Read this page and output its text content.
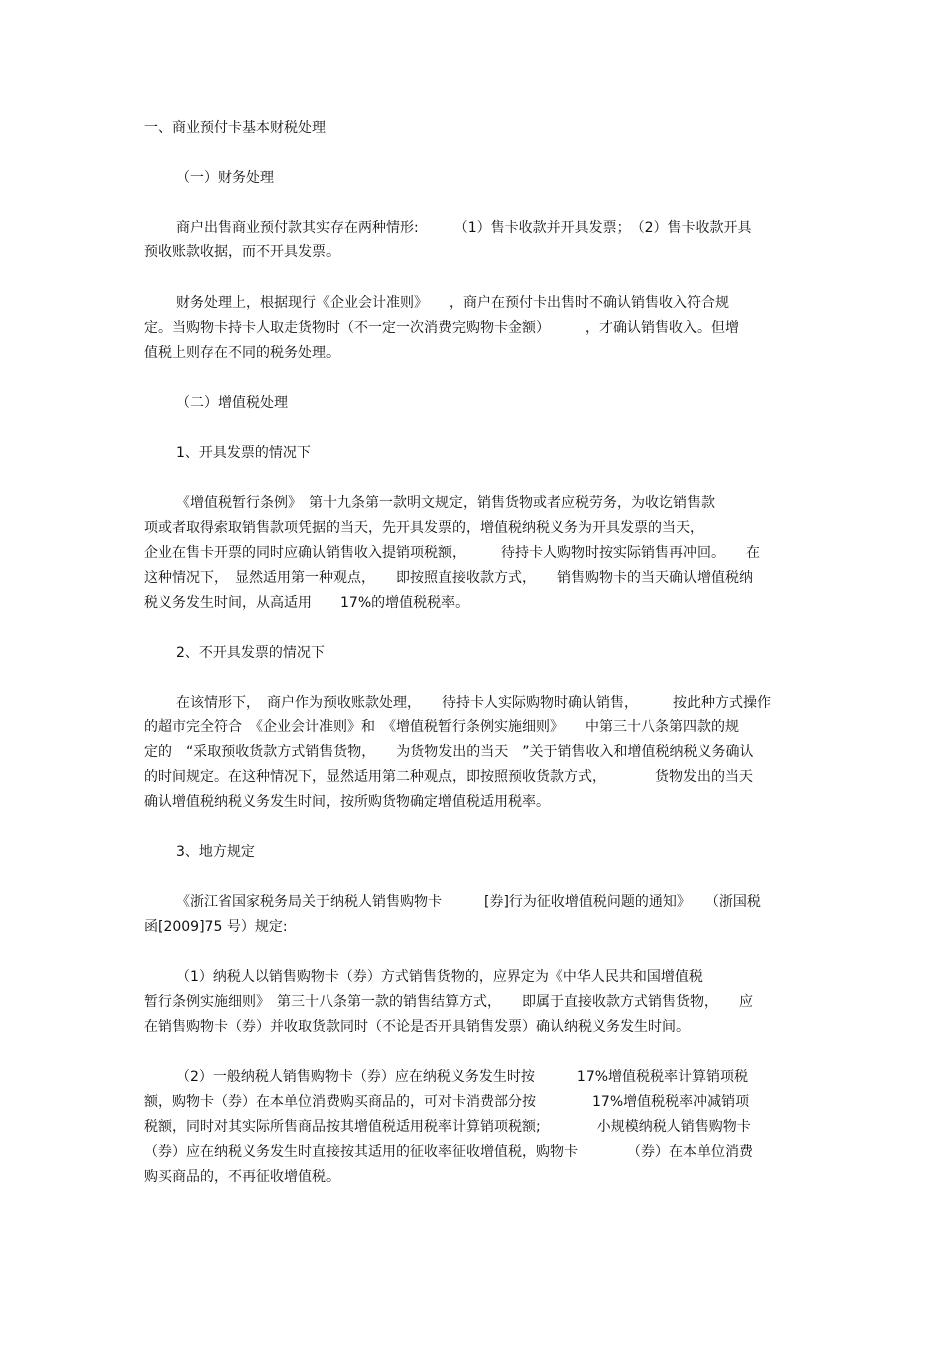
一、商业预付卡基本财税处理

（一）财务处理

商户出售商业预付款其实存在两种情形:　　　（1）售卡收款并开具发票；　（2）售卡收款开具

预收账款收据，而不开具发票。

财务处理上，根据现行《企业会计准则》　　，商户在预付卡出售时不确认销售收入符合规

定。当购物卡持卡人取走货物时（不一定一次消费完购物卡金额）　　　，才确认销售收入。但增

值税上则存在不同的税务处理。

（二）增值税处理

1、开具发票的情况下

《增值税暂行条例》　第十九条第一款明文规定，销售货物或者应税劳务，为收讫销售款

项或者取得索取销售款项凭据的当天，先开具发票的，增值税纳税义务为开具发票的当天，

企业在售卡开票的同时应确认销售收入提销项税额，　　　待持卡人购物时按实际销售再冲回。　　在

这种情况下，　显然适用第一种观点，　　即按照直接收款方式，　　销售购物卡的当天确认增值税纳

税义务发生时间，从高适用　　17%的增值税税率。

2、不开具发票的情况下

在该情形下，　商户作为预收账款处理，　　待持卡人实际购物时确认销售，　　　按此种方式操作

的超市完全符合　《企业会计准则》和　《增值税暂行条例实施细则》　　中第三十八条第四款的规

定的　“采取预收货款方式销售货物，　　为货物发出的当天　”关于销售收入和增值税纳税义务确认

的时间规定。在这种情况下，显然适用第二种观点，即按照预收货款方式，　　　　货物发出的当天

确认增值税纳税义务发生时间，按所购货物确定增值税适用税率。

3、地方规定

《浙江省国家税务局关于纳税人销售购物卡　　　[券]行为征收增值税问题的通知》　　（浙国税

函[2009]75 号）规定:

（1）纳税人以销售购物卡（券）方式销售货物的，应界定为《中华人民共和国增值税

暂行条例实施细则》　第三十八条第一款的销售结算方式，　　即属于直接收款方式销售货物，　　应

在销售购物卡（券）并收取货款同时（不论是否开具销售发票）确认纳税义务发生时间。

（2）一般纳税人销售购物卡（券）应在纳税义务发生时按　　　17%增值税税率计算销项税

额，购物卡（券）在本单位消费购买商品的，可对卡消费部分按　　　　17%增值税税率冲减销项

税额，同时对其实际所售商品按其增值税适用税率计算销项税额;　　　　小规模纳税人销售购物卡

（券）应在纳税义务发生时直接按其适用的征收率征收增值税，购物卡　　　　（券）在本单位消费

购买商品的，不再征收增值税。
